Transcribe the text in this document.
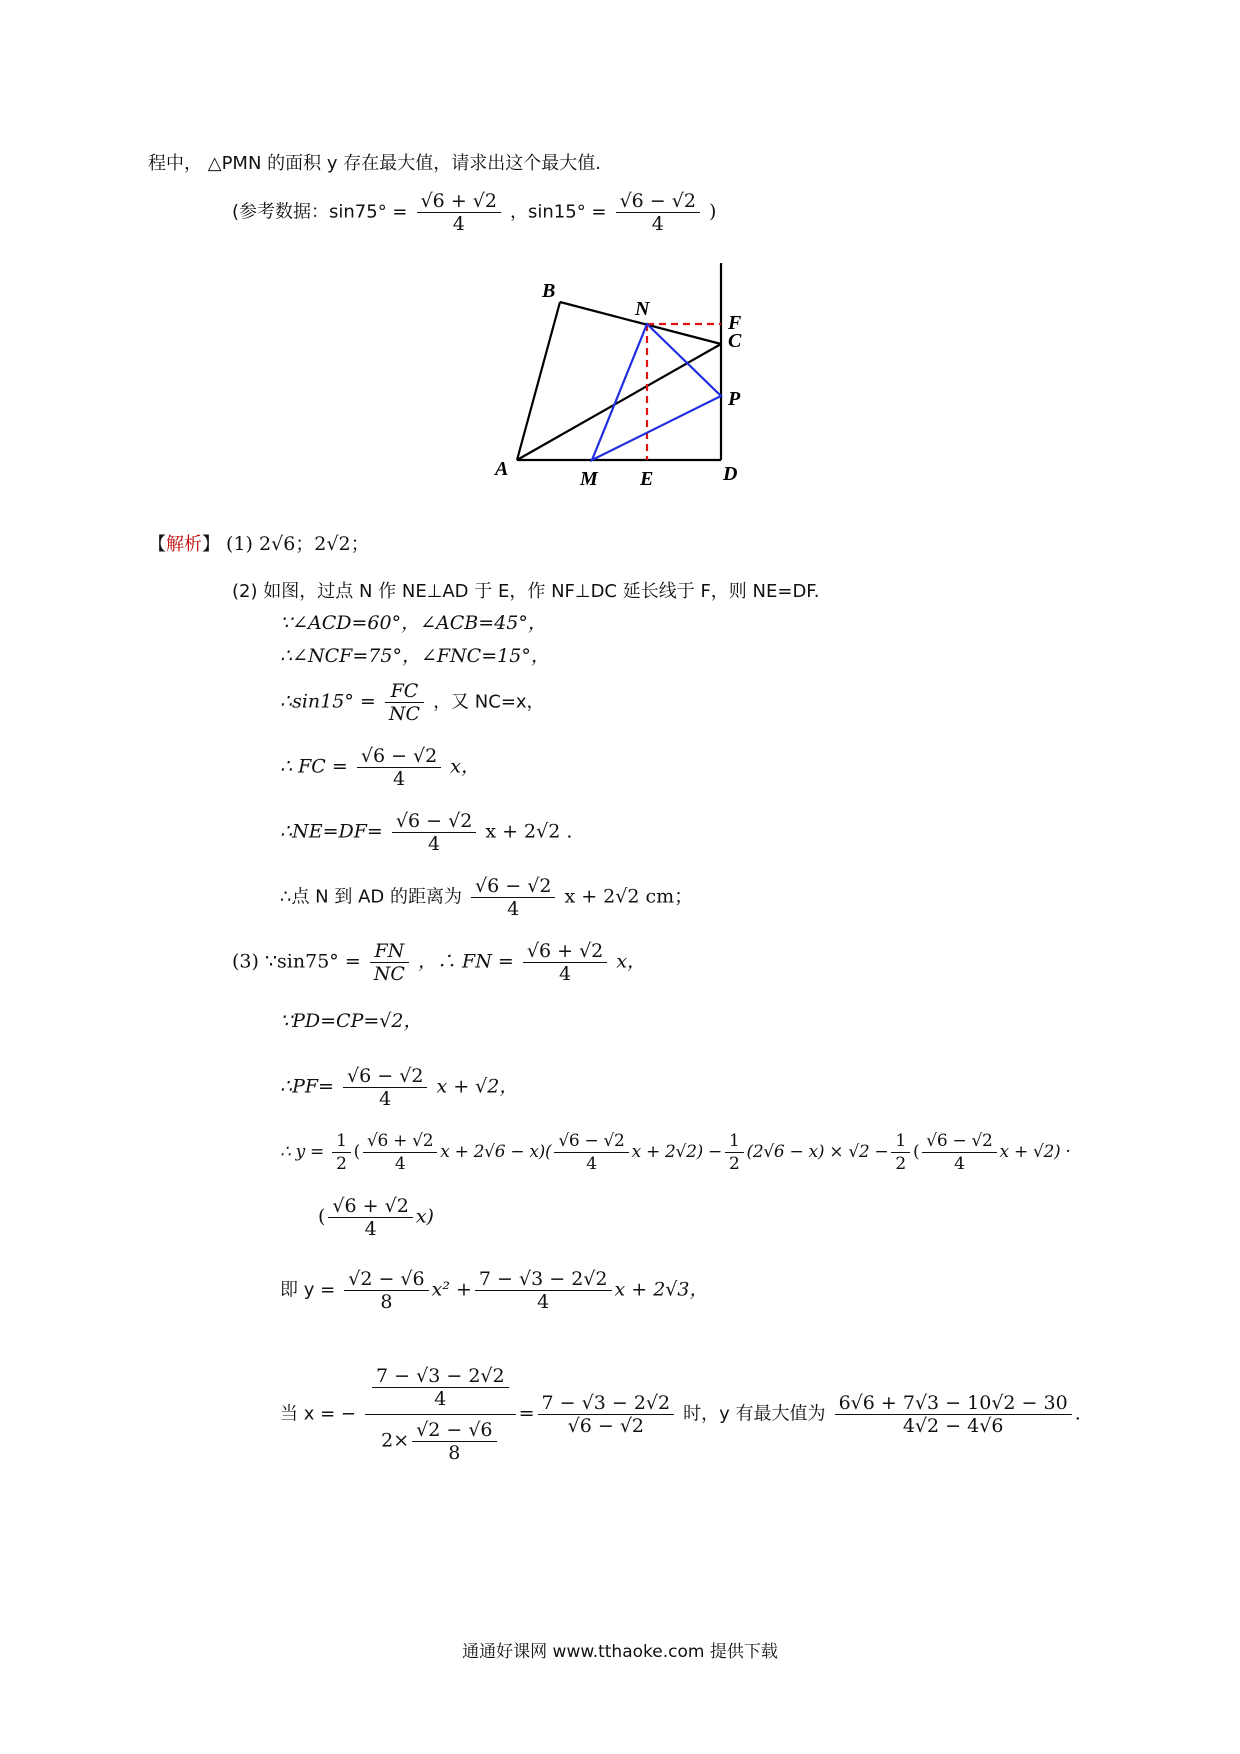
程中， △PMN 的面积 y 存在最大值，请求出这个最大值.
(参考数据：$\sin 75^\circ = \frac{√6 + √2}{4}$ ，$\sin 15^\circ = \frac{√6 - √2}{4}$ )
B
N
F
C
P
A	M E	D
【解析】 (1) 2√6；2√2；
(2) 如图，过点 N 作 NE⊥AD 于 E，作 NF⊥DC 延长线于 F，则 NE=DF.
∵∠ACD=60°，∠ACB=45°，
∴∠NCF=75°，∠FNC=15°，
∴sin15° = $\frac{FC}{NC}$ ，又 NC=x，
∴ FC = $\frac{√6 - √2}{4}$ x，
∴NE=DF= $\frac{√6 - √2}{4}$ x + 2√2 .
∴点 N 到 AD 的距离为 $\frac{√6 - √2}{4}$ x + 2√2 cm；
(3) ∵sin75° = $\frac{FN}{NC}$ ，∴ FN = $\frac{√6 + √2}{4}$ x，
∵PD=CP=√2，
∴PF= $\frac{√6 - √2}{4}$ x + √2，
∴ $y = \frac{1}{2}$ ( $\frac{√6 + √2}{4}$ $x + 2√6 - x)( \frac{√6 - √2}{4}$ $x + 2√2) - \frac{1}{2} (2√6 - x) \times √2 - \frac{1}{2}$ ( $\frac{√6 - √2}{4}$ x + √2) ·
( $\frac{√6 + √2}{4} x$)
即 $y = \frac{√2 - √6}{8} x^2 + \frac{7 - √3 - 2√2}{4}$ x + 2√3，
当 x = − $\frac{\frac{7 - √3 - 2√2}{4}}{2\times \frac{√2 - √6}{8}} = \frac{7 - √3 - 2√2}{√6 - √2}$ 时，y 有最大值为 $\frac{6√6 + 7√3 - 10√2 - 30}{4√2 - 4√6}$ .
通通好课网 www.tthaoke.com 提供下载
